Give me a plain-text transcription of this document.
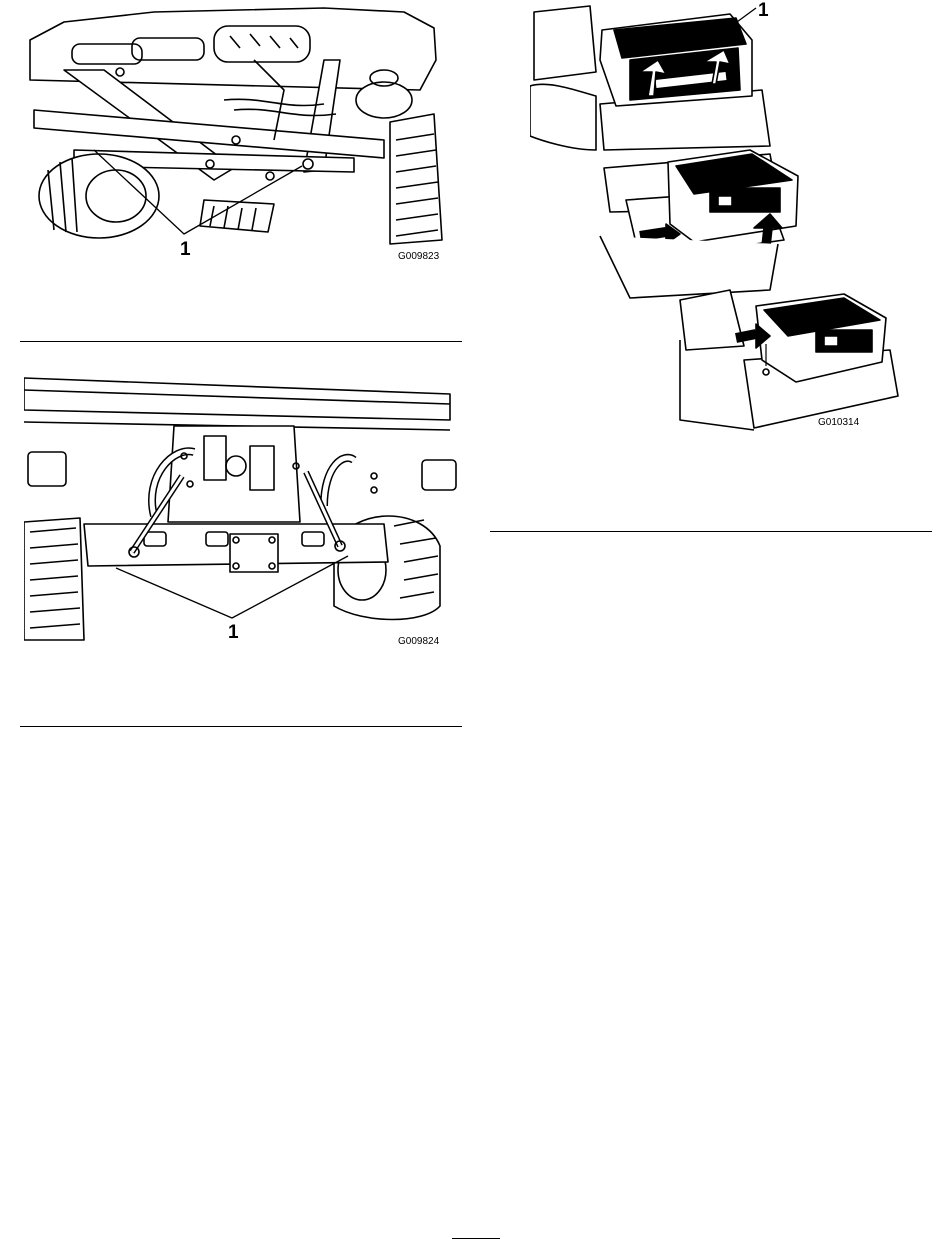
1	G009823
1	G009824
1
G010314
